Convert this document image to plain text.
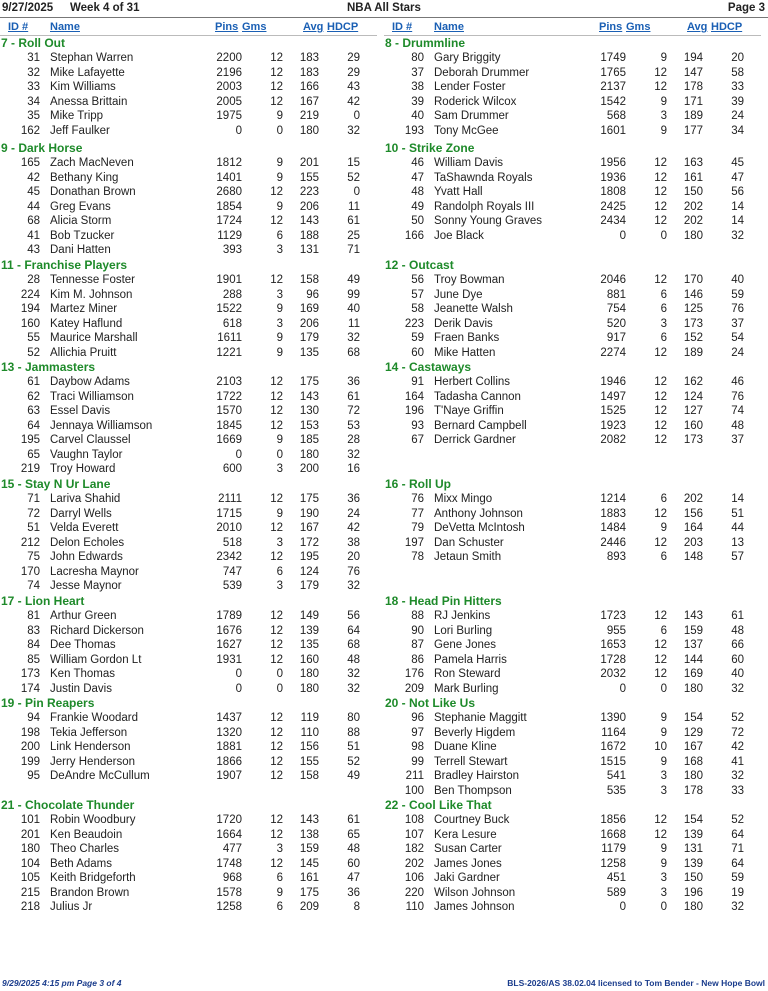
9/27/2025 Week 4 of 31	NBA All Stars	Page 3
ID # Name	Pins Gms	Avg HDCP
7 - Roll Out
31 Stephan Warren	2200	12	183	29
32 Mike Lafayette	2196	12	183	29
33 Kim Williams	2003	12	166	43
34 Anessa Brittain	2005	12	167	42
35 Mike Tripp	1975	9	219	0
162 Jeff Faulker	0	0	180	32
9 - Dark Horse
165 Zach MacNeven	1812	9	201	15
42 Bethany King	1401	9	155	52
45 Donathan Brown	2680	12	223	0
44 Greg Evans	1854	9	206	11
68 Alicia Storm	1724	12	143	61
41 Bob Tzucker	1129	6	188	25
43 Dani Hatten	393	3	131	71
11 - Franchise Players
28 Tennesse Foster	1901	12	158	49
224 Kim M. Johnson	288	3	96	99
194 Martez Miner	1522	9	169	40
160 Katey Haflund	618	3	206	11
55 Maurice Marshall	1611	9	179	32
52 Allichia Pruitt	1221	9	135	68
13 - Jammasters
61 Daybow Adams	2103	12	175	36
62 Traci Williamson	1722	12	143	61
63 Essel Davis	1570	12	130	72
64 Jennaya Williamson	1845	12	153	53
195 Carvel Claussel	1669	9	185	28
65 Vaughn Taylor	0	0	180	32
219 Troy Howard	600	3	200	16
15 - Stay N Ur Lane
71 Lariva Shahid	2111	12	175	36
72 Darryl Wells	1715	9	190	24
51 Velda Everett	2010	12	167	42
212 Delon Echoles	518	3	172	38
75 John Edwards	2342	12	195	20
170 Lacresha Maynor	747	6	124	76
74 Jesse Maynor	539	3	179	32
17 - Lion Heart
81 Arthur Green	1789	12	149	56
83 Richard Dickerson	1676	12	139	64
84 Dee Thomas	1627	12	135	68
85 William Gordon Lt	1931	12	160	48
173 Ken Thomas	0	0	180	32
174 Justin Davis	0	0	180	32
19 - Pin Reapers
94 Frankie Woodard	1437	12	119	80
198 Tekia Jefferson	1320	12	110	88
200 Link Henderson	1881	12	156	51
199 Jerry Henderson	1866	12	155	52
95 DeAndre McCullum	1907	12	158	49
21 - Chocolate Thunder
101 Robin Woodbury	1720	12	143	61
201 Ken Beaudoin	1664	12	138	65
180 Theo Charles	477	3	159	48
104 Beth Adams	1748	12	145	60
105 Keith Bridgeforth	968	6	161	47
215 Brandon Brown	1578	9	175	36
218 Julius Jr	1258	6	209	8
ID # Name	Pins Gms	Avg HDCP
8 - Drummline
80 Gary Briggity	1749	9	194	20
37 Deborah Drummer	1765	12	147	58
38 Lender Foster	2137	12	178	33
39 Roderick Wilcox	1542	9	171	39
40 Sam Drummer	568	3	189	24
193 Tony McGee	1601	9	177	34
10 - Strike Zone
46 William Davis	1956	12	163	45
47 TaShawnda Royals	1936	12	161	47
48 Yvatt Hall	1808	12	150	56
49 Randolph Royals III	2425	12	202	14
50 Sonny Young Graves	2434	12	202	14
166 Joe Black	0	0	180	32
12 - Outcast
56 Troy Bowman	2046	12	170	40
57 June Dye	881	6	146	59
58 Jeanette Walsh	754	6	125	76
223 Derik Davis	520	3	173	37
59 Fraen Banks	917	6	152	54
60 Mike Hatten	2274	12	189	24
14 - Castaways
91 Herbert Collins	1946	12	162	46
164 Tadasha Cannon	1497	12	124	76
196 T'Naye Griffin	1525	12	127	74
93 Bernard Campbell	1923	12	160	48
67 Derrick Gardner	2082	12	173	37
16 - Roll Up
76 Mixx Mingo	1214	6	202	14
77 Anthony Johnson	1883	12	156	51
79 DeVetta McIntosh	1484	9	164	44
197 Dan Schuster	2446	12	203	13
78 Jetaun Smith	893	6	148	57
18 - Head Pin Hitters
88 RJ Jenkins	1723	12	143	61
90 Lori Burling	955	6	159	48
87 Gene Jones	1653	12	137	66
86 Pamela Harris	1728	12	144	60
176 Ron Steward	2032	12	169	40
209 Mark Burling	0	0	180	32
20 - Not Like Us
96 Stephanie Maggitt	1390	9	154	52
97 Beverly Higdem	1164	9	129	72
98 Duane Kline	1672	10	167	42
99 Terrell Stewart	1515	9	168	41
211 Bradley Hairston	541	3	180	32
100 Ben Thompson	535	3	178	33
22 - Cool Like That
108 Courtney Buck	1856	12	154	52
107 Kera Lesure	1668	12	139	64
182 Susan Carter	1179	9	131	71
202 James Jones	1258	9	139	64
106 Jaki Gardner	451	3	150	59
220 Wilson Johnson	589	3	196	19
110 James Johnson	0	0	180	32
9/29/2025 4:15 pm Page 3 of 4	BLS-2026/AS 38.02.04 licensed to Tom Bender - New Hope Bowl
